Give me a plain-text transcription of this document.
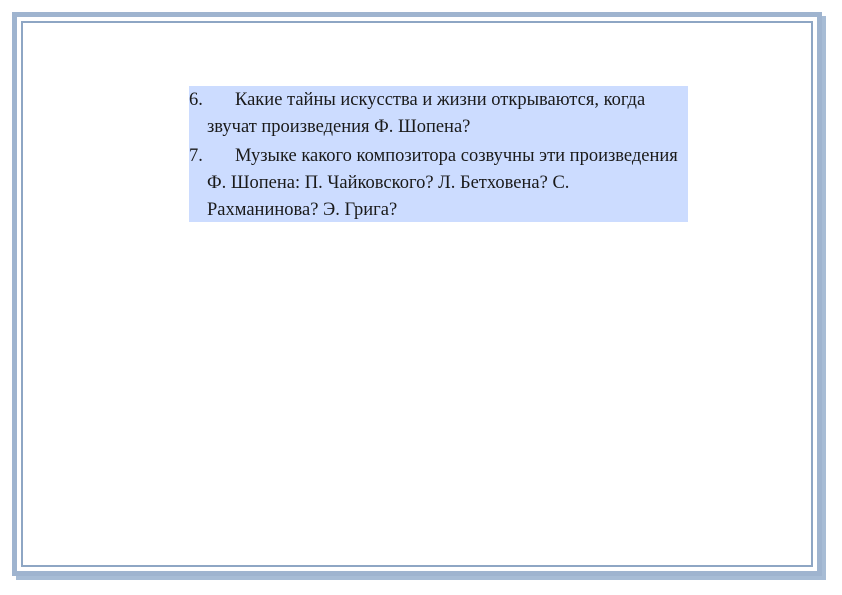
6. Какие тайны искусства и жизни открываются, когда звучат произведения Ф. Шопена?

7. Музыке какого композитора созвучны эти произведения Ф. Шопена: П. Чайковского? Л. Бетховена? С. Рахманинова? Э. Грига?
